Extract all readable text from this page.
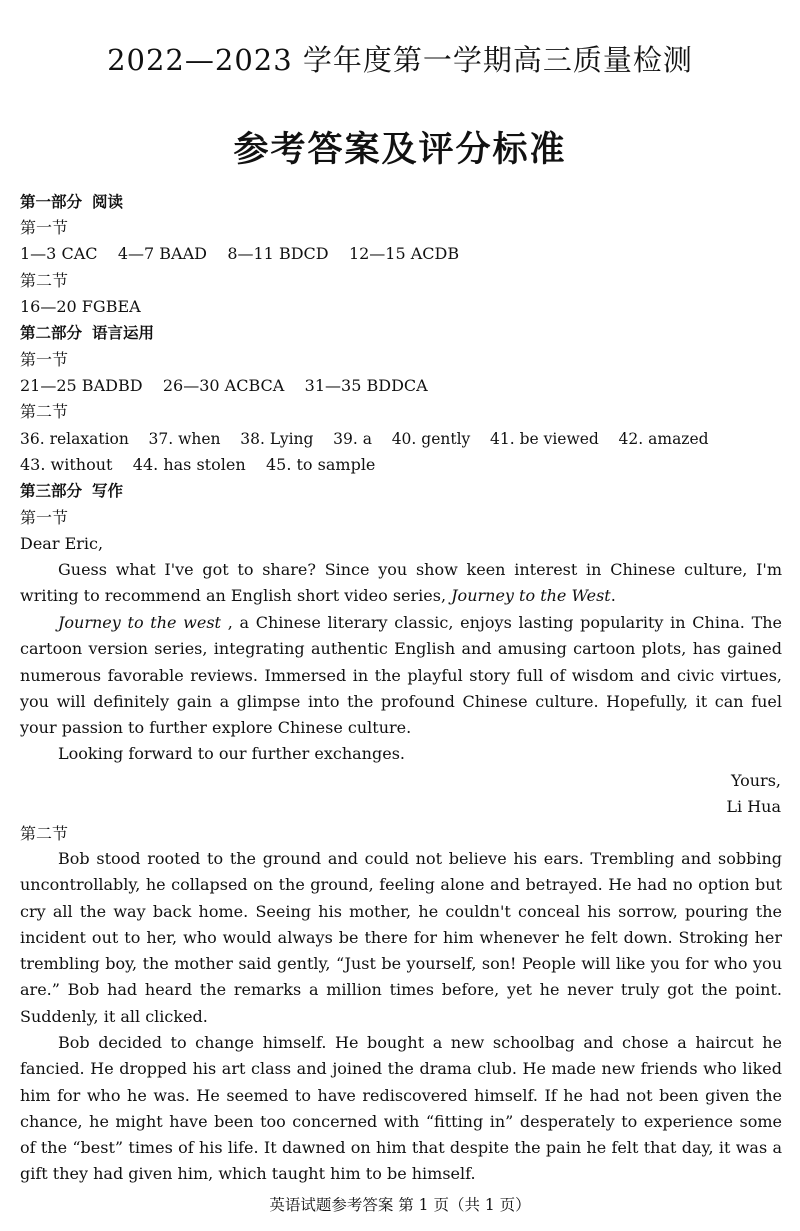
2022—2023 学年度第一学期高三质量检测
参考答案及评分标准
第一部分 阅读
第一节
1—3 CAC    4—7 BAAD    8—11 BDCD    12—15 ACDB
第二节
16—20 FGBEA
第二部分 语言运用
第一节
21—25 BADBD    26—30 ACBCA    31—35 BDDCA
第二节
36. relaxation    37. when    38. Lying    39. a    40. gently    41. be viewed    42. amazed
43. without    44. has stolen    45. to sample
第三部分 写作
第一节
Dear Eric,
Guess what I've got to share? Since you show keen interest in Chinese culture, I'm writing to recommend an English short video series, Journey to the West.
Journey to the west , a Chinese literary classic, enjoys lasting popularity in China. The cartoon version series, integrating authentic English and amusing cartoon plots, has gained numerous favorable reviews. Immersed in the playful story full of wisdom and civic virtues, you will definitely gain a glimpse into the profound Chinese culture. Hopefully, it can fuel your passion to further explore Chinese culture.
Looking forward to our further exchanges.
Yours,
Li Hua
第二节
Bob stood rooted to the ground and could not believe his ears. Trembling and sobbing uncontrollably, he collapsed on the ground, feeling alone and betrayed. He had no option but cry all the way back home. Seeing his mother, he couldn't conceal his sorrow, pouring the incident out to her, who would always be there for him whenever he felt down. Stroking her trembling boy, the mother said gently, “Just be yourself, son! People will like you for who you are.” Bob had heard the remarks a million times before, yet he never truly got the point. Suddenly, it all clicked.
Bob decided to change himself. He bought a new schoolbag and chose a haircut he fancied. He dropped his art class and joined the drama club. He made new friends who liked him for who he was. He seemed to have rediscovered himself. If he had not been given the chance, he might have been too concerned with “fitting in” desperately to experience some of the “best” times of his life. It dawned on him that despite the pain he felt that day, it was a gift they had given him, which taught him to be himself.
英语试题参考答案 第 1 页（共 1 页）
